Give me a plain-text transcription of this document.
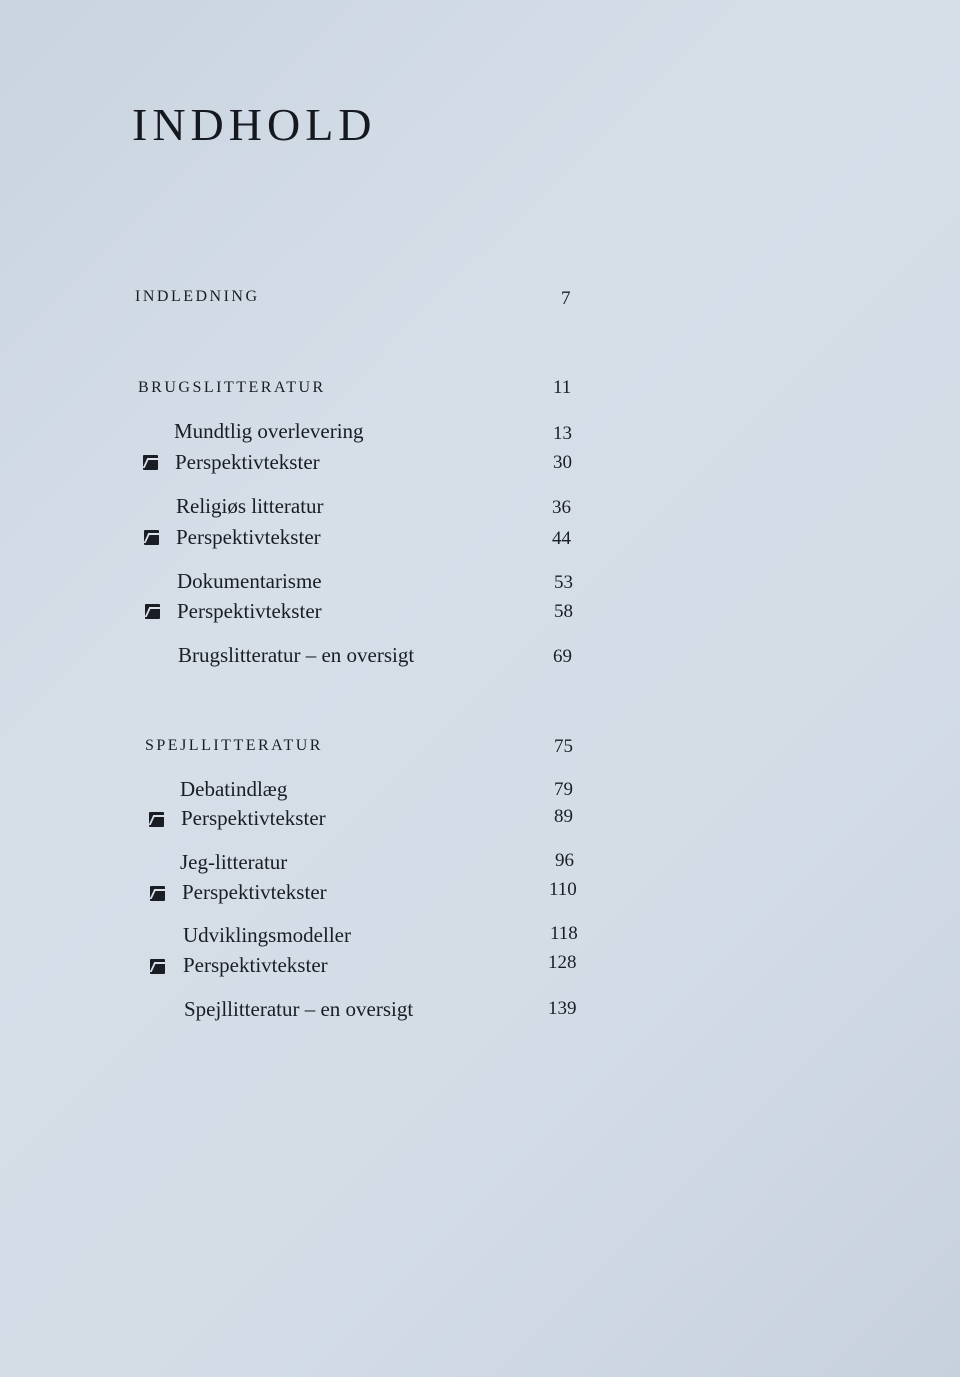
INDHOLD
INDLEDNING	7
BRUGSLITTERATUR	11
Mundtlig overlevering	13
Perspektivtekster	30
Religiøs litteratur	36
Perspektivtekster	44
Dokumentarisme	53
Perspektivtekster	58
Brugslitteratur – en oversigt	69
SPEJLLITTERATUR	75
Debatindlæg	79
Perspektivtekster	89
Jeg-litteratur	96
Perspektivtekster	110
Udviklingsmodeller	118
Perspektivtekster	128
Spejllitteratur – en oversigt	139
